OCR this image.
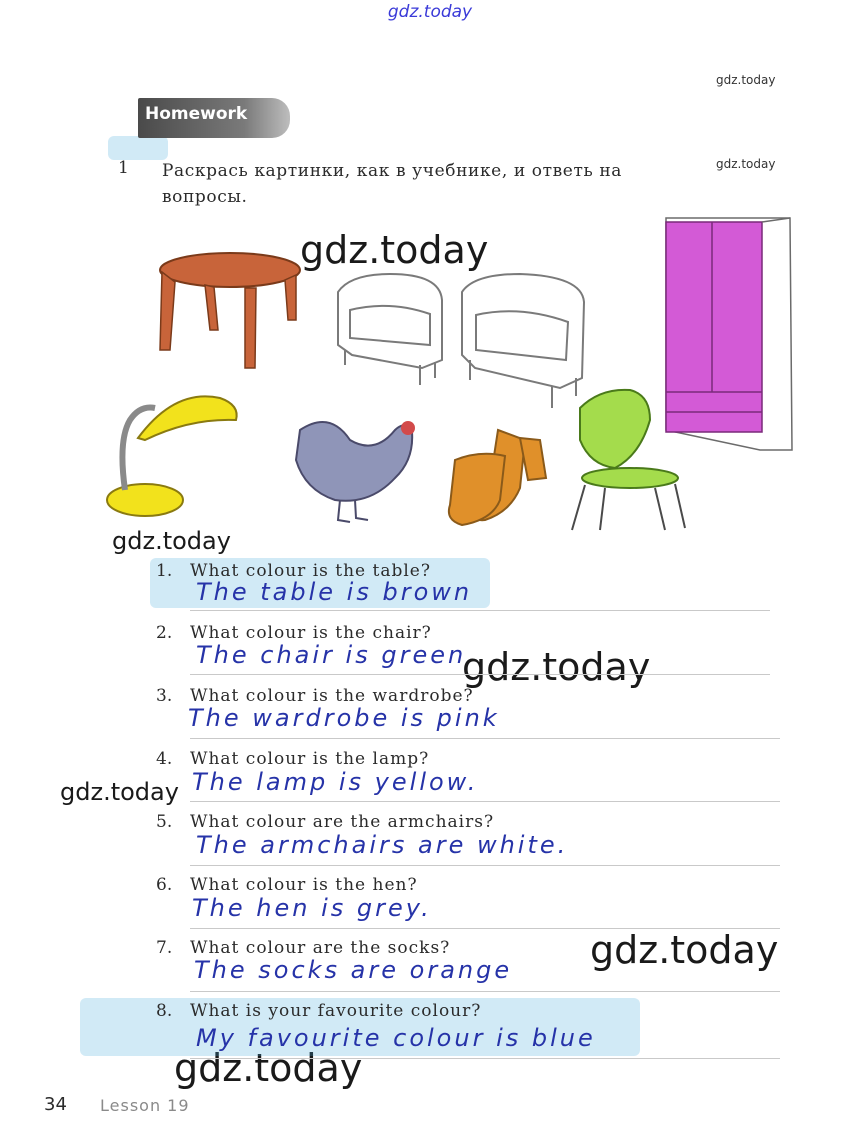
gdz.today
gdz.today
gdz.today
gdz.today
gdz.today
gdz.today
gdz.today
gdz.today
gdz.today
Homework
1 Раскрась картинки, как в учебнике, и ответь на вопросы.
1. What colour is the table?
The table is brown
2. What colour is the chair?
The chair is green
3. What colour is the wardrobe?
The wardrobe is pink
4. What colour is the lamp?
The lamp is yellow.
5. What colour are the armchairs?
The armchairs are white.
6. What colour is the hen?
The hen is grey.
7. What colour are the socks?
The socks are orange
8. What is your favourite colour?
My favourite colour is blue
34 Lesson 19
